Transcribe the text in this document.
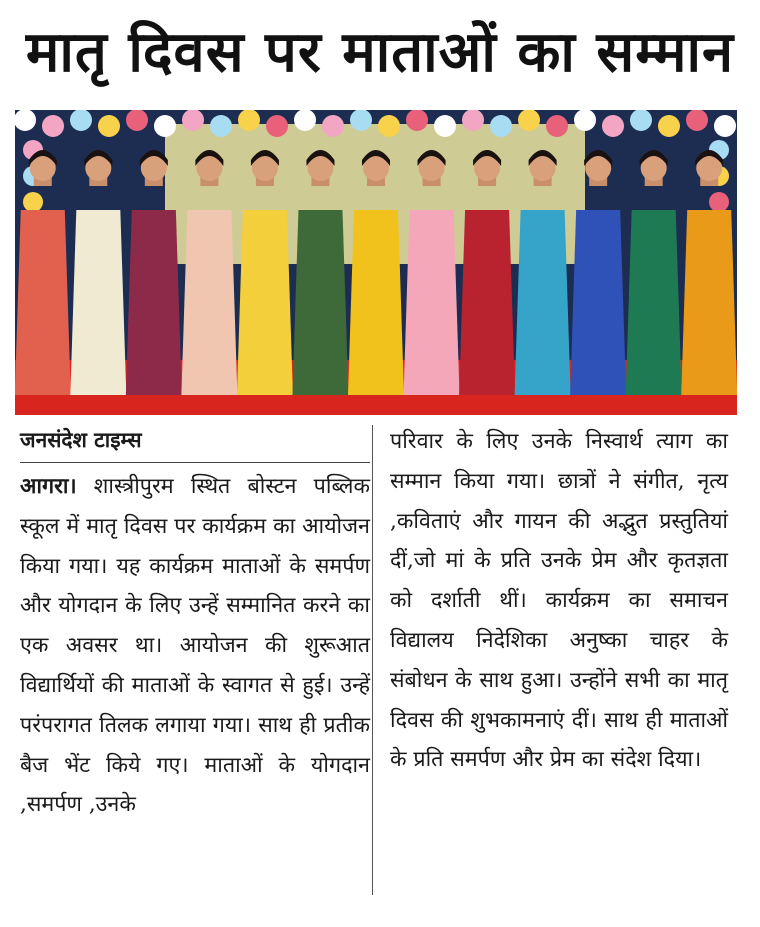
मातृ दिवस पर माताओं का सम्मान
जनसंदेश टाइम्स
आगरा। शास्त्रीपुरम स्थित बोस्टन पब्लिक स्कूल में मातृ दिवस पर कार्यक्रम का आयोजन किया गया। यह कार्यक्रम माताओं के समर्पण और योगदान के लिए उन्हें सम्मानित करने का एक अवसर था। आयोजन की शुरूआत विद्यार्थियों की माताओं के स्वागत से हुई। उन्हें परंपरागत तिलक लगाया गया। साथ ही प्रतीक बैज भेंट किये गए। माताओं के योगदान ,समर्पण ,उनके
परिवार के लिए उनके निस्वार्थ त्याग का सम्मान किया गया। छात्रों ने संगीत, नृत्य ,कविताएं और गायन की अद्भुत प्रस्तुतियां दीं,जो मां के प्रति उनके प्रेम और कृतज्ञता को दर्शाती थीं। कार्यक्रम का समाचन विद्यालय निदेशिका अनुष्का चाहर के संबोधन के साथ हुआ। उन्होंने सभी का मातृ दिवस की शुभकामनाएं दीं। साथ ही माताओं के प्रति समर्पण और प्रेम का संदेश दिया।
